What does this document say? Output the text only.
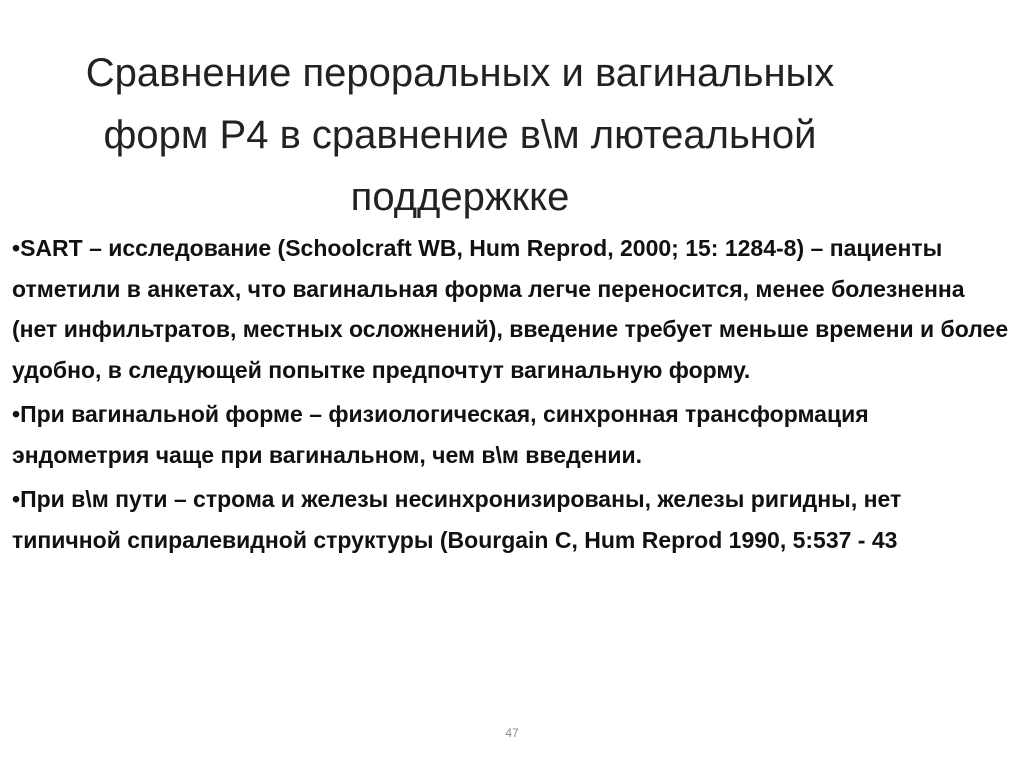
Сравнение пероральных и вагинальных
форм Р4 в сравнение в\м лютеальной
поддержкке

•SART – исследование (Schoolcraft WB, Hum Reprod, 2000; 15: 1284-8) – пациенты отметили в анкетах, что вагинальная форма легче переносится, менее болезненна (нет инфильтратов, местных осложнений), введение требует меньше времени и более удобно, в следующей попытке предпочтут вагинальную форму.

•При вагинальной форме – физиологическая, синхронная трансформация эндометрия чаще при вагинальном, чем в\м введении.

•При в\м пути – строма и железы несинхронизированы, железы ригидны, нет типичной спиралевидной структуры (Bourgain C, Hum Reprod 1990, 5:537 - 43

47
